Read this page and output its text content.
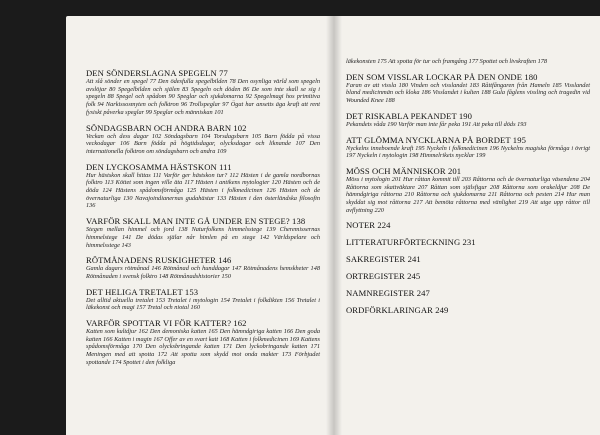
DEN SÖNDERSLAGNA SPEGELN 77
Att slå sönder en spegel 77 Den ödesfulla spegelbilden 78 Den osynliga värld som spegeln avslöjar 80 Spegelbilden och själen 83 Spegeln och döden 86 De som inte skall se sig i spegeln 88 Spegel och spådom 90 Speglar och sjukdomarna 92 Spegelmagi hos primitiva folk 94 Narkissosmyten och folktron 96 Trollspeglar 97 Ögat har ansetts äga kraft att rent fysiskt påverka speglar 99 Speglar och människan 101
SÖNDAGSBARN OCH ANDRA BARN 102
Veckan och dess dagar 102 Söndagsbarn 104 Torsdagsbarn 105 Barn födda på vissa veckodagar 106 Barn födda på högtidsdagar, olycksdagar och liknande 107 Den internationella folktron om söndagsbarn och andra 109
DEN LYCKOSAMMA HÄSTSKON 111
Hur hästskon skall hittas 111 Varför ger hästskon tur? 112 Hästen i de gamla nordbornas folktro 113 Köttet som ingen ville äta 117 Hästen i antikens mytologier 120 Hästen och de döda 124 Hästens spådomsförmåga 125 Hästen i folkmedicinen 126 Hästen och de övernaturliga 130 Navajoindianernas gudahästar 133 Hästen i den österländska filosofin 136
VARFÖR SKALL MAN INTE GÅ UNDER EN STEGE? 138
Stegen mellan himmel och jord 138 Naturfolkens himmelsstege 139 Cheremissernas himmelstege 141 De dödas själar når himlen på en stege 142 Världspelare och himmelsstege 143
RÖTMÅNADENS RUSKIGHETER 146
Gamla dagars rötmånad 146 Rötmånad och hunddagar 147 Rötmånadens hemskheter 148 Rötmånaden i svensk folktro 148 Rötmånadshistorier 150
DET HELIGA TRETALET 153
Det alltid aktuella tretalet 153 Tretalet i mytologin 154 Tretalet i folkdikten 156 Tretalet i läkekonst och magi 157 Tretal och niotal 160
VARFÖR SPOTTAR VI FÖR KATTER? 162
Katten som kultdjur 162 Den demoniska katten 165 Den hämndgiriga katten 166 Den goda katten 166 Katten i magin 167 Offer av en svart katt 168 Katten i folkmedicinen 169 Kattens spådomsförmåga 170 Den olycksbringande katten 171 Den lyckobringande katten 171 Meningen med att spotta 172 Att spotta som skydd mot onda makter 173 Förbjudet spottande 174 Spottet i den folkliga
läkekonsten 175 Att spotta för tur och framgång 177 Spottet och livskraften 178
DEN SOM VISSLAR LOCKAR PÅ DEN ONDE 180
Faran av att vissla 180 Vinden och visslandet 183 Råttfångaren från Hameln 185 Visslandet bland medicinmän och kloka 186 Visslandet i kulten 188 Gula fåglens vissling och tragedin vid Wounded Knee 188
DET RISKABLA PEKANDET 190
Pekandets våda 190 Varför man inte får peka 191 Att peka till döds 193
ATT GLÖMMA NYCKLARNA PÅ BORDET 195
Nyckelns inneboende kraft 195 Nyckeln i folkmedicinen 196 Nyckelns magiska förmåga i övrigt 197 Nyckeln i mytologin 198 Himmelrikets nycklar 199
MÖSS OCH MÄNNISKOR 201
Möss i mytologin 201 Hur råttan kommit till 203 Råttorna och de övernaturliga väsendena 204 Råttorna som skattväktare 207 Råttan som själsfigur 208 Råttorna som orakeldjur 208 De hämndgiriga råttorna 210 Råttorna och sjukdomarna 211 Råttorna och pesten 214 Hur man skyddat sig mot råttorna 217 Att bemöta råttorna med vänlighet 219 Att utge upp råttor till avflyttning 220
NOTER 224
LITTERATURFÖRTECKNING 231
SAKREGISTER 241
ORTREGISTER 245
NAMNREGISTER 247
ORDFÖRKLARINGAR 249
